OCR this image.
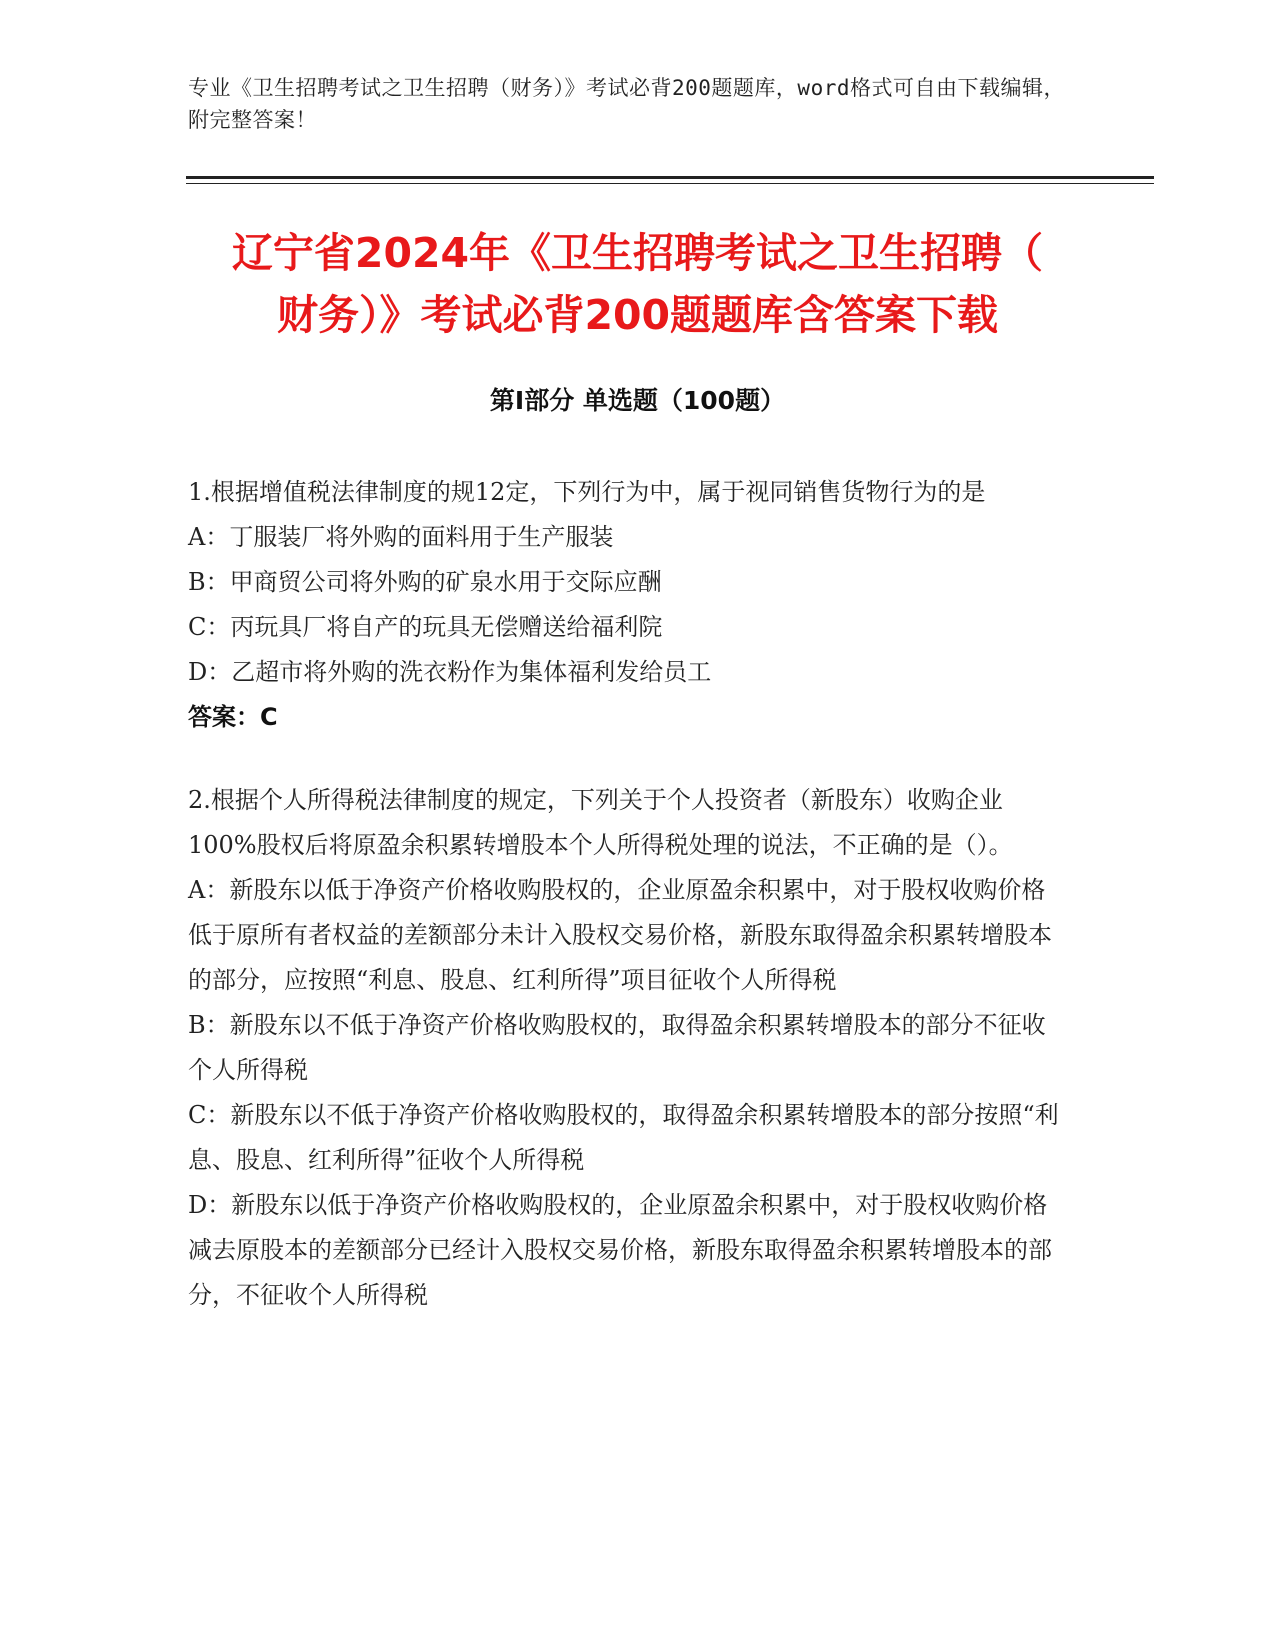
专业《卫生招聘考试之卫生招聘（财务）》考试必背200题题库，word格式可自由下载编辑，附完整答案！
辽宁省2024年《卫生招聘考试之卫生招聘（
财务）》考试必背200题题库含答案下载
第Ⅰ部分 单选题（100题）

1.根据增值税法律制度的规12定，下列行为中，属于视同销售货物行为的是

A：丁服装厂将外购的面料用于生产服装

B：甲商贸公司将外购的矿泉水用于交际应酬

C：丙玩具厂将自产的玩具无偿赠送给福利院

D：乙超市将外购的洗衣粉作为集体福利发给员工

答案：C

2.根据个人所得税法律制度的规定，下列关于个人投资者（新股东）收购企业100%股权后将原盈余积累转增股本个人所得税处理的说法，不正确的是（）。

A：新股东以低于净资产价格收购股权的，企业原盈余积累中，对于股权收购价格低于原所有者权益的差额部分未计入股权交易价格，新股东取得盈余积累转增股本的部分，应按照“利息、股息、红利所得”项目征收个人所得税

B：新股东以不低于净资产价格收购股权的，取得盈余积累转增股本的部分不征收个人所得税

C：新股东以不低于净资产价格收购股权的，取得盈余积累转增股本的部分按照“利息、股息、红利所得”征收个人所得税

D：新股东以低于净资产价格收购股权的，企业原盈余积累中，对于股权收购价格减去原股本的差额部分已经计入股权交易价格，新股东取得盈余积累转增股本的部分，不征收个人所得税
